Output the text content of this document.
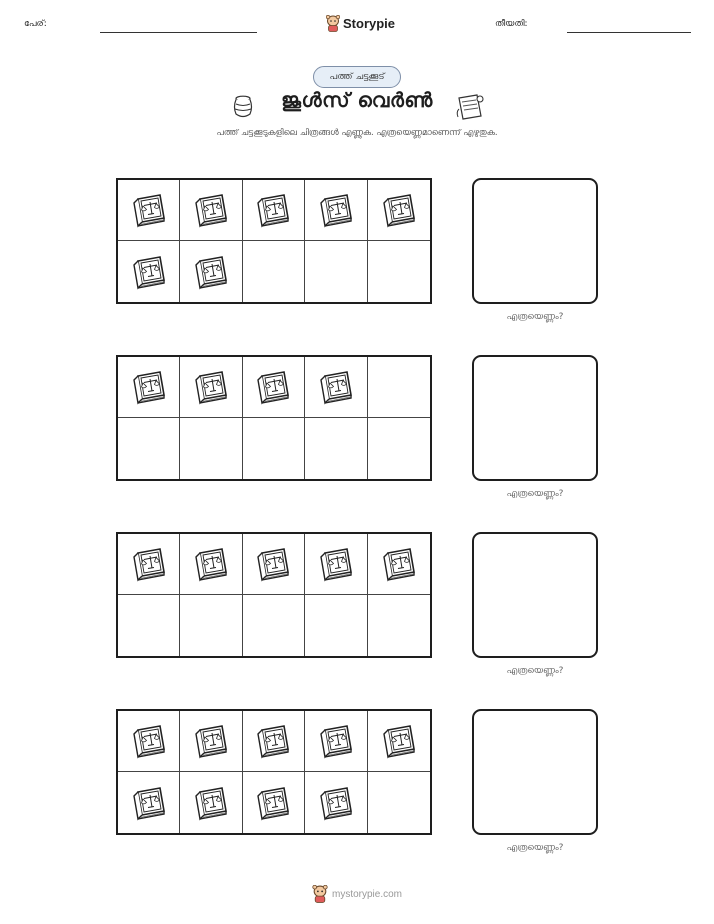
പേര്:	Storypie	തീയതി:
പത്ത് ചട്ടക്കൂട്
ജൂൾസ് വെർൺ
പത്ത് ചട്ടക്കൂടുകളിലെ ചിത്രങ്ങൾ എണ്ണുക. എത്രയെണ്ണമാണെന്ന് എഴുതുക.
എത്രയെണ്ണം?
എത്രയെണ്ണം?
എത്രയെണ്ണം?
എത്രയെണ്ണം?
mystorypie.com
